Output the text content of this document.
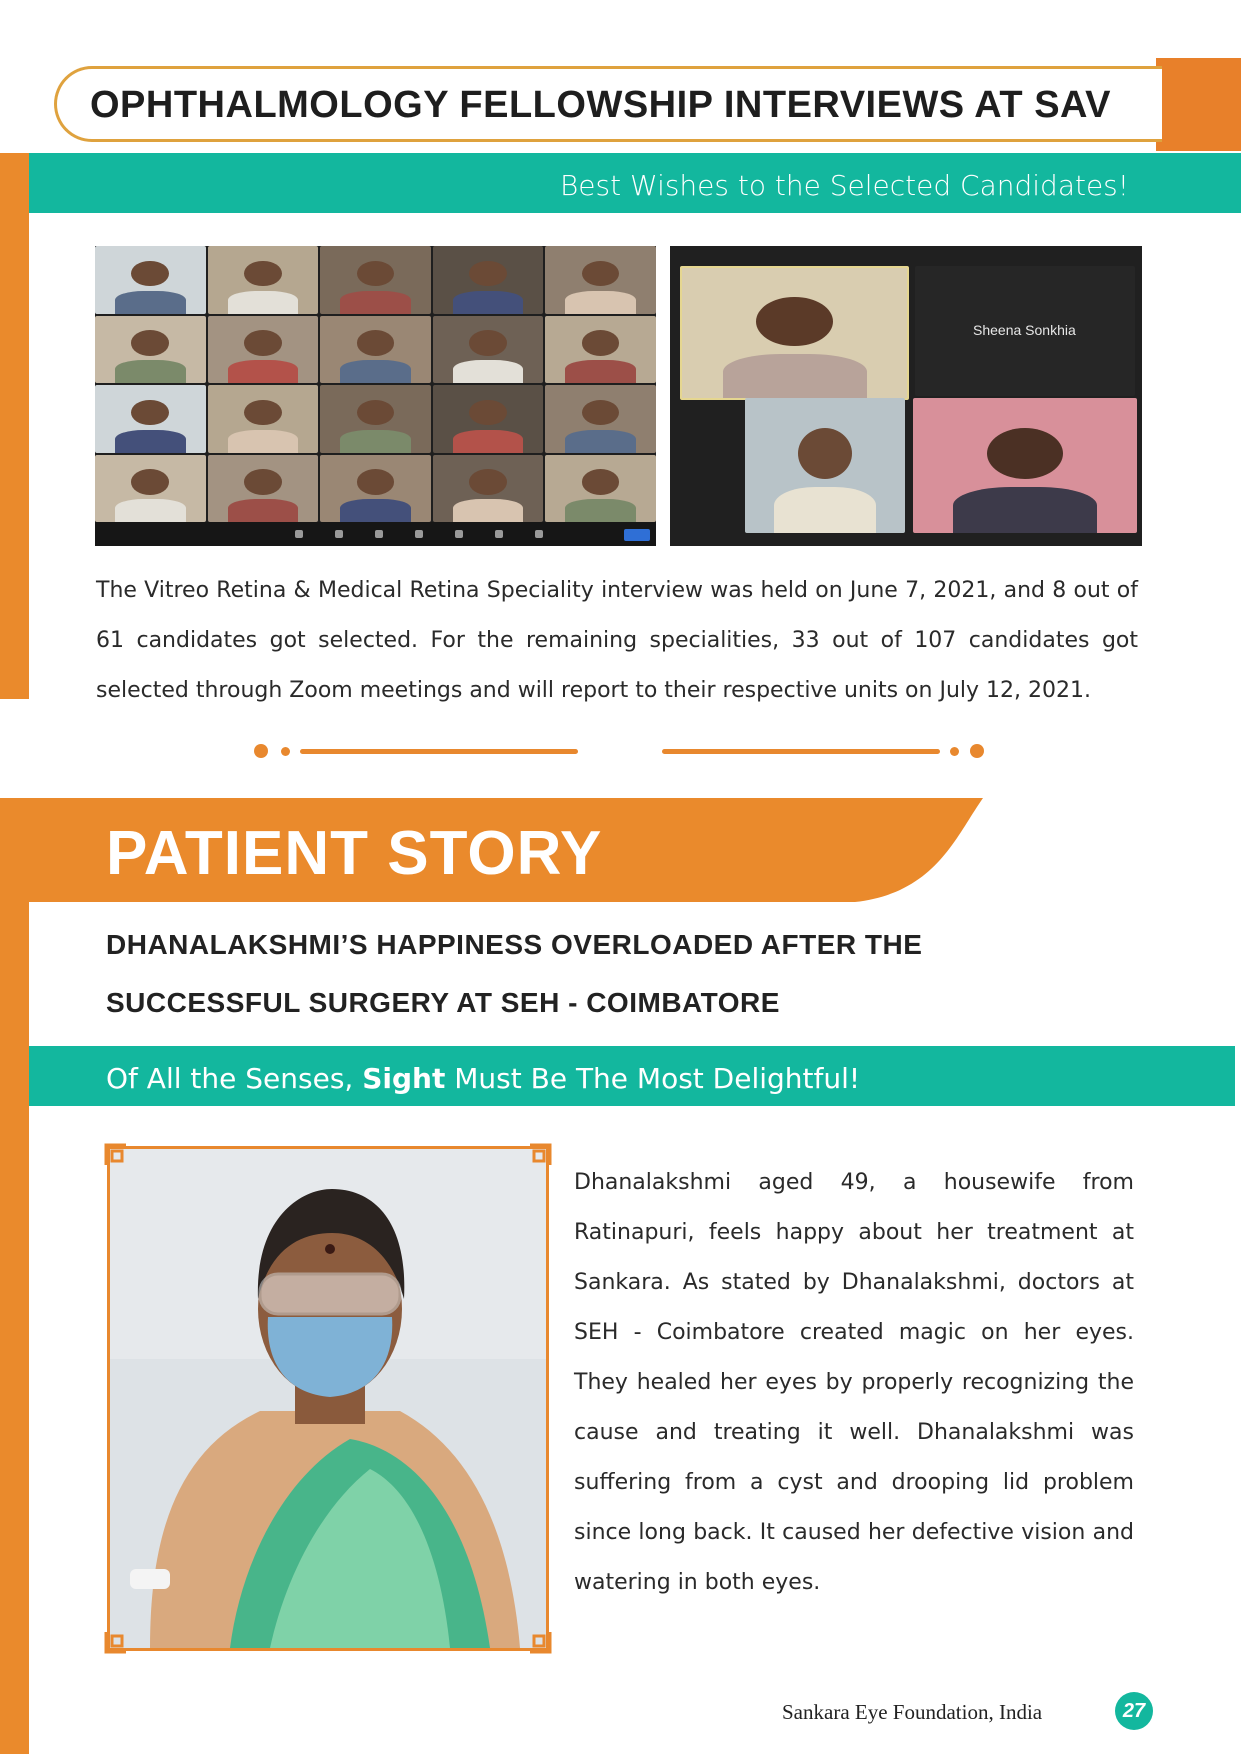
OPHTHALMOLOGY FELLOWSHIP INTERVIEWS AT SAV
Best Wishes to the Selected Candidates!
Sheena Sonkhia
The Vitreo Retina & Medical Retina Speciality interview was held on June 7, 2021, and 8 out of 61 candidates got selected. For the remaining specialities, 33 out of 107 candidates got selected through Zoom meetings and will report to their respective units on July 12, 2021.
PATIENT STORY
DHANALAKSHMI’S HAPPINESS OVERLOADED AFTER THE
SUCCESSFUL SURGERY AT SEH - COIMBATORE
Of All the Senses, Sight Must Be The Most Delightful!
Dhanalakshmi aged 49, a housewife from Ratinapuri, feels happy about her treatment at Sankara. As stated by Dhanalakshmi, doctors at SEH - Coimbatore created magic on her eyes. They healed her eyes by properly recognizing the cause and treating it well. Dhanalakshmi was suffering from a cyst and drooping lid problem since long back. It caused her defective vision and watering in both eyes.
Sankara Eye Foundation, India	27
